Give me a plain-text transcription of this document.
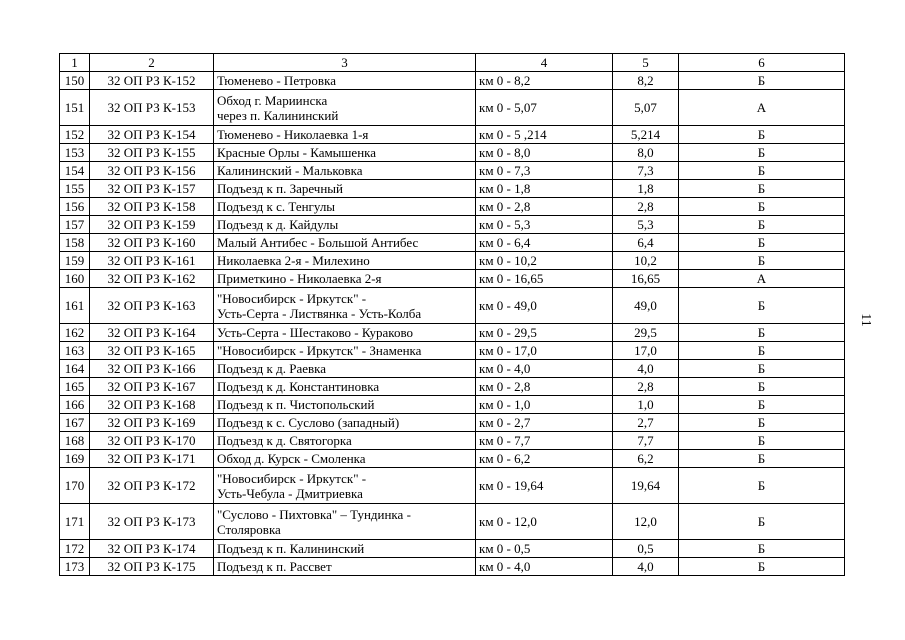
1	2	3	4	5	6
150	32 ОП РЗ К-152	Тюменево - Петровка	км 0 - 8,2	8,2	Б
151	32 ОП РЗ К-153	Обход г. Мариинска
через п. Калининский	км 0 - 5,07	5,07	А
152	32 ОП РЗ К-154	Тюменево - Николаевка 1-я	км 0 - 5 ,214	5,214	Б
153	32 ОП РЗ К-155	Красные Орлы - Камышенка	км 0 - 8,0	8,0	Б
154	32 ОП РЗ К-156	Калининский - Мальковка	км 0 - 7,3	7,3	Б
155	32 ОП РЗ К-157	Подъезд к п. Заречный	км 0 - 1,8	1,8	Б
156	32 ОП РЗ К-158	Подъезд к с. Тенгулы	км 0 - 2,8	2,8	Б
157	32 ОП РЗ К-159	Подъезд к д. Кайдулы	км 0 - 5,3	5,3	Б
158	32 ОП РЗ К-160	Малый Антибес - Большой Антибес	км 0 - 6,4	6,4	Б
159	32 ОП РЗ К-161	Николаевка 2-я - Милехино	км 0 - 10,2	10,2	Б
160	32 ОП РЗ К-162	Приметкино - Николаевка 2-я	км 0 - 16,65	16,65	А
161	32 ОП РЗ К-163	"Новосибирск - Иркутск" -
Усть-Серта - Листвянка - Усть-Колба	км 0 - 49,0	49,0	Б
162	32 ОП РЗ К-164	Усть-Серта - Шестаково - Кураково	км 0 - 29,5	29,5	Б
163	32 ОП РЗ К-165	"Новосибирск - Иркутск" - Знаменка	км 0 - 17,0	17,0	Б
164	32 ОП РЗ К-166	Подъезд к д. Раевка	км 0 - 4,0	4,0	Б
165	32 ОП РЗ К-167	Подъезд к д. Константиновка	км 0 - 2,8	2,8	Б
166	32 ОП РЗ К-168	Подъезд к п. Чистопольский	км 0 - 1,0	1,0	Б
167	32 ОП РЗ К-169	Подъезд к с. Суслово (западный)	км 0 - 2,7	2,7	Б
168	32 ОП РЗ К-170	Подъезд к д. Святогорка	км 0 - 7,7	7,7	Б
169	32 ОП РЗ К-171	Обход д. Курск - Смоленка	км 0 - 6,2	6,2	Б
170	32 ОП РЗ К-172	"Новосибирск - Иркутск" -
Усть-Чебула - Дмитриевка	км 0 - 19,64	19,64	Б
171	32 ОП РЗ К-173	"Суслово - Пихтовка" – Тундинка -
Столяровка	км 0 - 12,0	12,0	Б
172	32 ОП РЗ К-174	Подъезд к п. Калининский	км 0 - 0,5	0,5	Б
173	32 ОП РЗ К-175	Подъезд к п. Рассвет	км 0 - 4,0	4,0	Б
11
